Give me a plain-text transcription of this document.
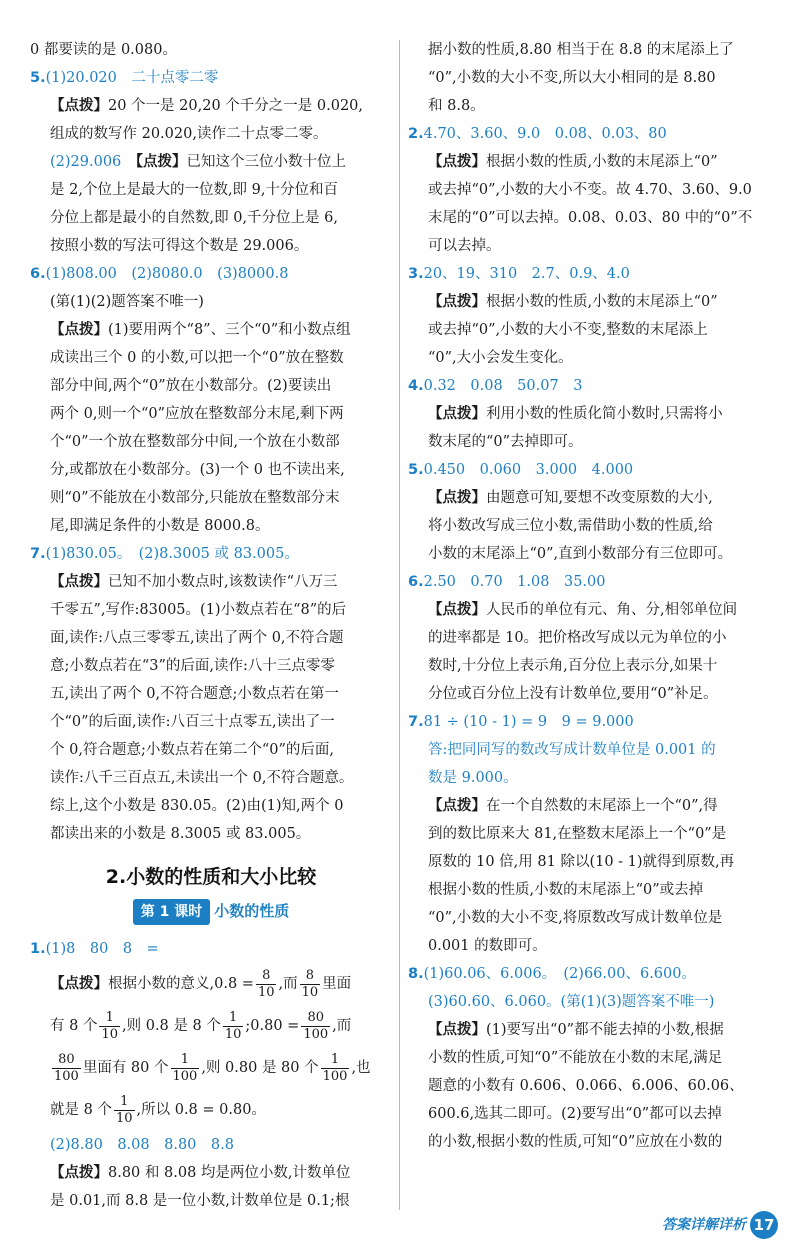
0 都要读的是 0.080。

5.(1)20.020　二十点零二零

【点拨】20 个一是 20,20 个千分之一是 0.020,

组成的数写作 20.020,读作二十点零二零。

(2)29.006　 【点拨】已知这个三位小数十位上

是 2,个位上是最大的一位数,即 9,十分位和百

分位上都是最小的自然数,即 0,千分位上是 6,

按照小数的写法可得这个数是 29.006。

6.(1)808.00　(2)8080.0　(3)8000.8

(第(1)(2)题答案不唯一)

【点拨】(1)要用两个“8”、三个“0”和小数点组

成读出三个 0 的小数,可以把一个“0”放在整数

部分中间,两个“0”放在小数部分。(2)要读出

两个 0,则一个“0”应放在整数部分末尾,剩下两

个“0”一个放在整数部分中间,一个放在小数部

分,或都放在小数部分。(3)一个 0 也不读出来,

则“0”不能放在小数部分,只能放在整数部分末

尾,即满足条件的小数是 8000.8。

7.(1)830.05。　(2)8.3005 或 83.005。

【点拨】已知不加小数点时,该数读作“八万三

千零五”,写作:83005。(1)小数点若在“8”的后

面,读作:八点三零零五,读出了两个 0,不符合题

意;小数点若在“3”的后面,读作:八十三点零零

五,读出了两个 0,不符合题意;小数点若在第一

个“0”的后面,读作:八百三十点零五,读出了一

个 0,符合题意;小数点若在第二个“0”的后面,

读作:八千三百点五,未读出一个 0,不符合题意。

综上,这个小数是 830.05。(2)由(1)知,两个 0

都读出来的小数是 8.3005 或 83.005。

2.小数的性质和大小比较
第 1 课时 小数的性质

1.(1)8　80　8　=

【点拨】根据小数的意义$,0.8 = \frac{8}{10}$ ,而 $\frac{8}{10}$ 里面

有 8 个 $\frac{1}{10}$ ,则 0.8 是 8 个 $\frac{1}{10}$ ;0.80 = $\frac{80}{100}$ ,而

$\frac{80}{100}$ 里面有 80 个 $\frac{1}{100}$ ,则 0.80 是 80 个 $\frac{1}{100}$ ,也

就是 8 个 $\frac{1}{10}$ ,所以 0.8 = 0.80。

(2)8.80　8.08　8.80　8.8

【点拨】8.80 和 8.08 均是两位小数,计数单位

是 0.01,而 8.8 是一位小数,计数单位是 0.1;根

据小数的性质,8.80 相当于在 8.8 的末尾添上了

“0”,小数的大小不变,所以大小相同的是 8.80

和 8.8。

2.4.70、3.60、9.0　0.08、0.03、80

【点拨】根据小数的性质,小数的末尾添上“0”

或去掉“0”,小数的大小不变。故 4.70、3.60、9.0

末尾的“0”可以去掉。0.08、0.03、80 中的“0”不

可以去掉。

3.20、19、310　2.7、0.9、4.0

【点拨】根据小数的性质,小数的末尾添上“0”

或去掉“0”,小数的大小不变,整数的末尾添上

“0”,大小会发生变化。

4.0.32　0.08　50.07　3

【点拨】利用小数的性质化简小数时,只需将小

数末尾的“0”去掉即可。

5.0.450　0.060　3.000　4.000

【点拨】由题意可知,要想不改变原数的大小,

将小数改写成三位小数,需借助小数的性质,给

小数的末尾添上“0”,直到小数部分有三位即可。

6.2.50　0.70　1.08　35.00

【点拨】人民币的单位有元、角、分,相邻单位间

的进率都是 10。把价格改写成以元为单位的小

数时,十分位上表示角,百分位上表示分,如果十

分位或百分位上没有计数单位,要用“0”补足。

7.81 ÷ (10 - 1) = 9　9 = 9.000

答:把同同写的数改写成计数单位是 0.001 的

数是 9.000。

【点拨】在一个自然数的末尾添上一个“0”,得

到的数比原来大 81,在整数末尾添上一个“0”是

原数的 10 倍,用 81 除以(10 - 1)就得到原数,再

根据小数的性质,小数的末尾添上“0”或去掉

“0”,小数的大小不变,将原数改写成计数单位是

0.001 的数即可。

8.(1)60.06、6.006。　(2)66.00、6.600。

(3)60.60、6.060。(第(1)(3)题答案不唯一)

【点拨】(1)要写出“0”都不能去掉的小数,根据

小数的性质,可知“0”不能放在小数的末尾,满足

题意的小数有 0.606、0.066、6.006、60.06、

600.6,选其二即可。(2)要写出“0”都可以去掉

的小数,根据小数的性质,可知“0”应放在小数的

答案详解详析 17
